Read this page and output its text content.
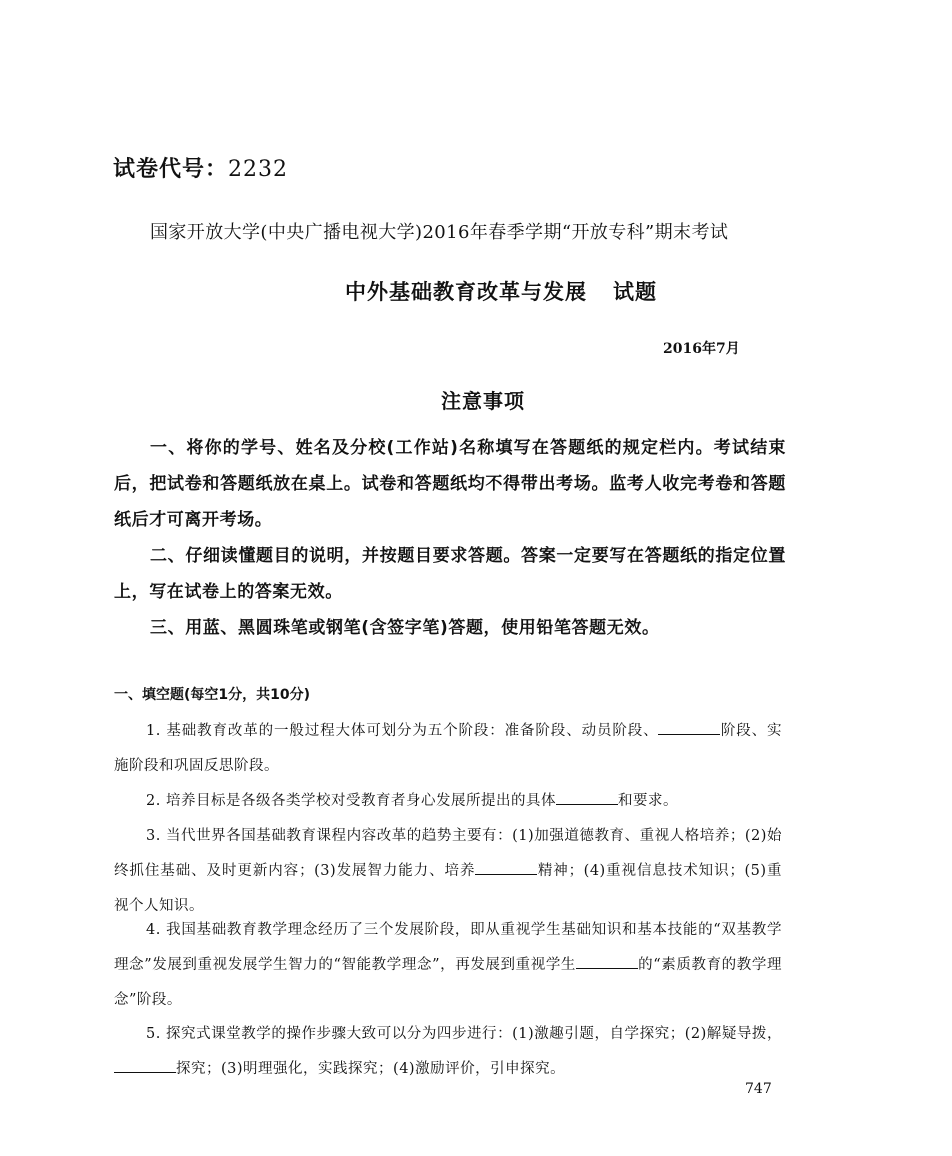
试卷代号：2232
国家开放大学(中央广播电视大学)2016年春季学期“开放专科”期末考试
中外基础教育改革与发展 试题
2016年7月
注意事项
一、将你的学号、姓名及分校(工作站)名称填写在答题纸的规定栏内。考试结束后，把试卷和答题纸放在桌上。试卷和答题纸均不得带出考场。监考人收完考卷和答题纸后才可离开考场。
二、仔细读懂题目的说明，并按题目要求答题。答案一定要写在答题纸的指定位置上，写在试卷上的答案无效。
三、用蓝、黑圆珠笔或钢笔(含签字笔)答题，使用铅笔答题无效。
一、填空题(每空1分，共10分)
1. 基础教育改革的一般过程大体可划分为五个阶段：准备阶段、动员阶段、	阶段、实施阶段和巩固反思阶段。
2. 培养目标是各级各类学校对受教育者身心发展所提出的具体	和要求。
3. 当代世界各国基础教育课程内容改革的趋势主要有：(1)加强道德教育、重视人格培养；(2)始终抓住基础、及时更新内容；(3)发展智力能力、培养	精神；(4)重视信息技术知识；(5)重视个人知识。
4. 我国基础教育教学理念经历了三个发展阶段，即从重视学生基础知识和基本技能的“双基教学理念”发展到重视发展学生智力的“智能教学理念”，再发展到重视学生	的“素质教育的教学理念”阶段。
5. 探究式课堂教学的操作步骤大致可以分为四步进行：(1)激趣引题，自学探究；(2)解疑导拨，探究；(3)明理强化，实践探究；(4)激励评价，引申探究。
747
